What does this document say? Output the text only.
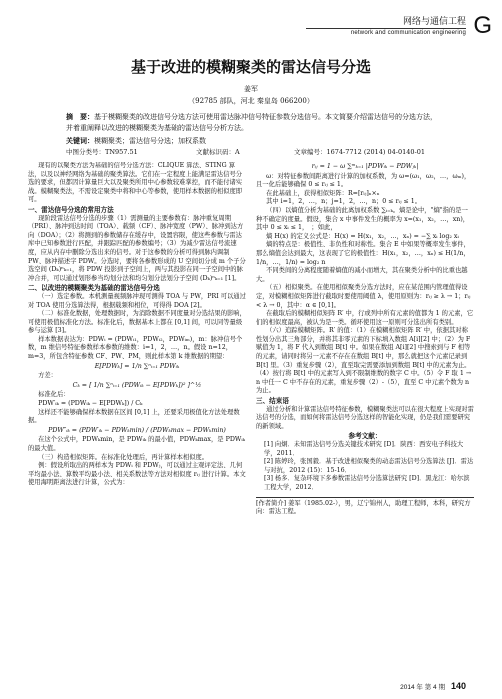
网络与通信工程
network and communication engineering G
基于改进的模糊聚类的雷达信号分选
姜军
（92785 部队，河北 秦皇岛 066200）
摘　要：基于模糊聚类的改进信号分选方法可使用雷达脉冲信号特征参数分选信号。本文简要介绍雷达信号的分选方法，并着重阐释以改进的模糊聚类为基础的雷达信号分析方法。
关键词：模糊聚类；雷达信号分选；加权系数
中图分类号：TN957.51	文献标识码：A	文章编号：1674-7712 (2014) 04-0140-01

现有的以聚类方法为基础的信号分选方法：CLIQUE 算法、STING 算法，以及以神经网络为基础的聚类算法。它们在一定程度上能满足雷达信号分选的要求，但都因计算量巨大以及聚类所用中心参数较难掌控，而不能付诸实战。模糊聚类法，不需设定聚类中将和中心等参数，使用样本数据的相似度即可。

一、雷达信号分选的常用方法

现阶段雷达信号分选的步骤（1）需测量的主要参数有：脉冲重复周期（PRI）、脉冲到达时间（TOA）、载频（CF）、脉冲宽度（PW）、脉冲到达方向（DOA）；（2）将测到的参数储存在缓存中，设置容限，使这些参数与雷达库中已知参数进行匹配，并跟踪匹配的参数编号；（3）为减少雷达信号流速度，应从内存中删除分选出来的信号。对于这参数的分析可得到脉内调制 PW、脉冲描述字 PDW。分选时，要将各参数形成的 U 空间切分成 m 个子分选空间 (Dₖ)ⁿₖ₌₁，将 PDW 投影到子空间上，两与其投影在同一子空间中的脉冲合并，可以通过划形参当均划分法和均匀划分法划分子空间 (Dₖ)ⁿₖ₌₁ [1]。

二、以改进的模糊聚类为基础的雷达信号分选

（一）选定参数。本机测量视频脉冲现可测得 TOA 与 PW，PRI 可以通过对 TOA 使用分选算法得，根据载频和相位，可得得 DOA [2]。

（二）标准化数据，处理数据时，为消除数据不同度量对分选结果的影响，可使用极值标准化方法。标准化后，数据基本上都在 [0,1] 间，可以同等量级参与运算 [3]。

样本数据表达为：PDWᵢ = (PDWᵢ₁，PDWᵢ₂，PDWᵢₘ)，m：脉冲信号个数，m 维信号特征参数样本参数的维数：i=1，2，…，n。假设 n=12，m=3，所包含特征参数 CF、PW、PM，则此样本第 k 维数据的期望：

E[PDWₖ] = 1/n ∑ⁿᵢ₌₁ PDWᵢₖ

方差：

Cₖ = [ 1/n ∑ⁿᵢ₌₁ (PDWᵢₖ − E[PDWₖ])² ]^½

标准化后：

PDW′ᵢₖ = (PDWᵢₖ − E[PDWₖ]) / Cₖ

这样还不能够确保样本数据在区间 [0,1] 上，还要采用极值化方法处理数据。

PDW″ᵢₖ = (PDW′ᵢₖ − PDWₖmin) / (PDWₖmax − PDWₖmin)

在这个公式中，PDWₖmin，是 PDWᵢₖ 的最小值，PDWₖmax，是 PDWᵢₖ 的最大值。

（三）构造相似矩阵。在标准化处理后，再计算样本相似度。

例：假设所取出的两样本为 PDWᵢ 和 PDWⱼ，可以通过主观评定法、几何平均最小法、算数平均最小法、相关系数法等方法对相似度 rᵢⱼ 进行计算。本文使用海明距离法进行计算，公式为：

rᵢⱼ = 1 − ω ∑ᵐₖ₌₁ |PDWᵢₖ − PDWⱼₖ|

ω：对特征参数间距离进行计算的加权系数，为 ω=(ω₁，ω₂，…，ωₘ)，且一化后能够确保 0 ≤ rᵢⱼ ≤ 1。

在此基础上，获得相似矩阵：R=[rᵢⱼ]ₙ×ₙ

其中 i=1，2，…，n；j=1，2，…，n；0 ≤ rᵢⱼ ≤ 1。

（四）以熵值分析为基础的此离加权系数 ∑ᵢ₌ₖ。熵是论中，"熵"指的是一种不确定的度量。假设，集合 x 中事件发生的概率为 x=(x₁，x₂，…，xn)，其中 0 ≤ xᵢ ≤ 1，　；如此，

熵 H(x) 的定义公式是：H(x) = H(x₁，x₂，…，xₙ) = −∑ xᵢ log₂ xᵢ

熵的特点是：极值性、非负性和对称性。集合 E 中如果等概率发生事件，那么熵值会达到最大，这表现了它的极值性：H(x₁，x₂，…，xₙ) ≤ H(1/n，1/n，…，1/n) = log₂ n

不同类间的分离程度随着熵值的减小而增大，其在聚类分析中的比重也越大。

（五）相似聚类。在使用相似聚类分选方法时，应在某范围内管理值得设定，对模糊相似矩阵进行截取时要使用阈值 λ，使用原则为：rᵢⱼ ≥ λ → 1；rᵢⱼ < λ → 0，其中：α ∈ [0,1]。

在截取后的模糊相似矩阵 R′ 中，行或列中所有元素的值都为 1 的元素，它们的相似度最高，被认为是一类。循环使用这一原则可分选出所有类别。

（六）追踪模糊矩阵。R′ 的值：（1）在模糊相似矩阵 R′ 中，依据其对称性划分出其三角部分，并将其非零元素的下标填入数组 A[i][2] 中；（2）为 F 赋值为 1，将 F 代入到数组 B[t] 中。如果在数组 A[i][2] 中搜索到与 F 相等的元素，请同时将另一元素不存在在数组 B[t] 中，那么就把这个元素记录到 B[t] 里。（3）重复步骤（2），直至取完需要添加到数组 B[t] 中的元素为止。（4）按行将 B[t] 中的元素写入到不限制维数的数字 C 中。（5）令 F 取 1 → n 中任一 C 中不存在的元素，重复步骤（2）-（5），直至 C 中元素个数为 n 为止。

三、结束语

通过分析和计算雷达信号特征参数，模糊聚类法可以在很大程度上实现对雷达信号的分选，而如何将雷达信号分选这样的智能化实现，仍是我们需要研究的新领域。

参考文献：

[1] 向炯．未知雷达信号分选关键技术研究 [D]．陕西：西安电子科技大学，2011．

[2] 陈婷玲，张国毅．基于改进相似聚类的动态雷达信号分选算法 [J]．雷达与对抗，2012 (15)：15-16．

[3] 杨多．复杂环境下多参数雷达信号分选算法研究 [D]．黑龙江：哈尔滨工程大学，2012．

[作者简介] 姜军（1985.02-），男，辽宁锦州人，助理工程师，本科，研究方向：雷达工程。
2014 年 第 4 期 140
